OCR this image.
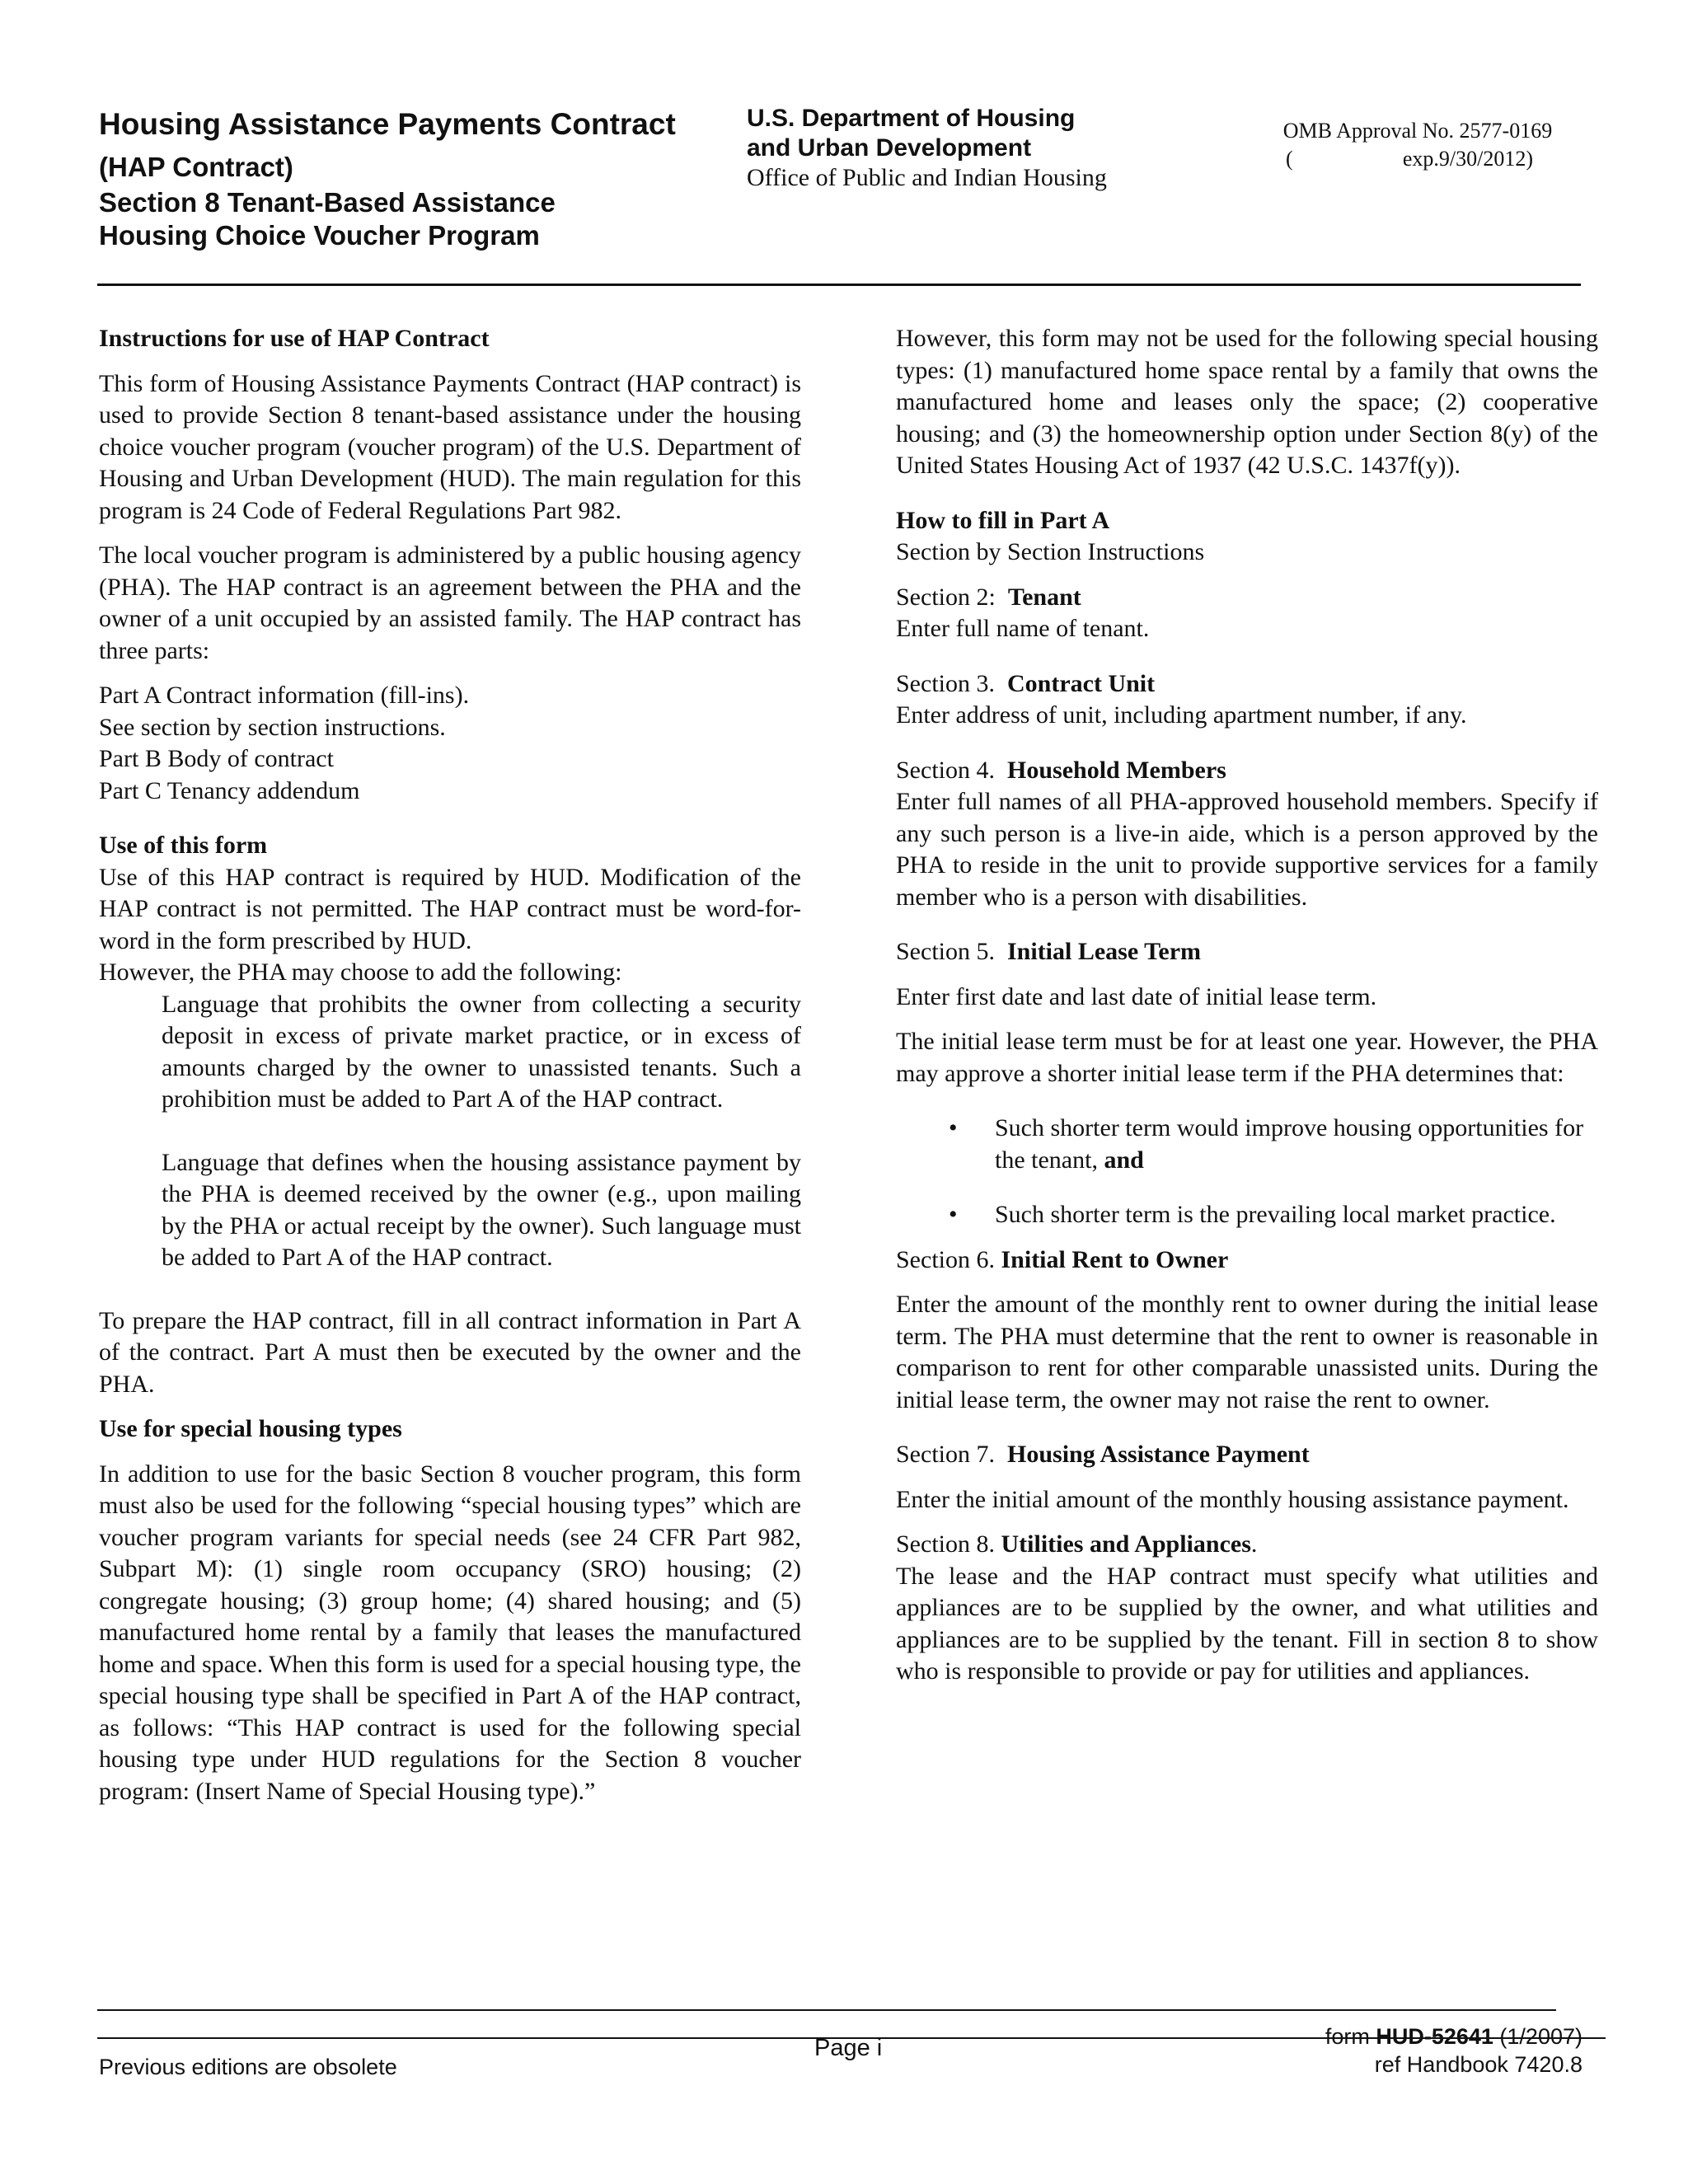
Housing Assistance Payments Contract
(HAP Contract)
Section 8 Tenant-Based Assistance
Housing Choice Voucher Program
U.S. Department of Housing
and Urban Development
Office of Public and Indian Housing
OMB Approval No. 2577-0169
(	exp.9/30/2012)

Instructions for use of HAP Contract

This form of Housing Assistance Payments Contract (HAP contract) is used to provide Section 8 tenant-based assistance under the housing choice voucher program (voucher program) of the U.S. Department of Housing and Urban Development (HUD). The main regulation for this program is 24 Code of Federal Regulations Part 982.

The local voucher program is administered by a public housing agency (PHA). The HAP contract is an agreement between the PHA and the owner of a unit occupied by an assisted family. The HAP contract has three parts:

Part A Contract information (fill-ins).

See section by section instructions.

Part B Body of contract

Part C Tenancy addendum

Use of this form

Use of this HAP contract is required by HUD. Modification of the HAP contract is not permitted. The HAP contract must be word-for-word in the form prescribed by HUD.

However, the PHA may choose to add the following:

Language that prohibits the owner from collecting a security deposit in excess of private market practice, or in excess of amounts charged by the owner to unassisted tenants. Such a prohibition must be added to Part A of the HAP contract.

Language that defines when the housing assistance payment by the PHA is deemed received by the owner (e.g., upon mailing by the PHA or actual receipt by the owner). Such language must be added to Part A of the HAP contract.

To prepare the HAP contract, fill in all contract information in Part A of the contract. Part A must then be executed by the owner and the PHA.

Use for special housing types

In addition to use for the basic Section 8 voucher program, this form must also be used for the following “special housing types” which are voucher program variants for special needs (see 24 CFR Part 982, Subpart M): (1) single room occupancy (SRO) housing; (2) congregate housing; (3) group home; (4) shared housing; and (5) manufactured home rental by a family that leases the manufactured home and space. When this form is used for a special housing type, the special housing type shall be specified in Part A of the HAP contract, as follows: “This HAP contract is used for the following special housing type under HUD regulations for the Section 8 voucher program: (Insert Name of Special Housing type).”

However, this form may not be used for the following special housing types: (1) manufactured home space rental by a family that owns the manufactured home and leases only the space; (2) cooperative housing; and (3) the homeownership option under Section 8(y) of the United States Housing Act of 1937 (42 U.S.C. 1437f(y)).

How to fill in Part A

Section by Section Instructions

Section 2: Tenant

Enter full name of tenant.

Section 3. Contract Unit

Enter address of unit, including apartment number, if any.

Section 4. Household Members

Enter full names of all PHA-approved household members. Specify if any such person is a live-in aide, which is a person approved by the PHA to reside in the unit to provide supportive services for a family member who is a person with disabilities.

Section 5. Initial Lease Term

Enter first date and last date of initial lease term.

The initial lease term must be for at least one year. However, the PHA may approve a shorter initial lease term if the PHA determines that:

• Such shorter term would improve housing opportunities for the tenant, and

• Such shorter term is the prevailing local market practice.

Section 6. Initial Rent to Owner

Enter the amount of the monthly rent to owner during the initial lease term. The PHA must determine that the rent to owner is reasonable in comparison to rent for other comparable unassisted units. During the initial lease term, the owner may not raise the rent to owner.

Section 7. Housing Assistance Payment

Enter the initial amount of the monthly housing assistance payment.

Section 8. Utilities and Appliances.

The lease and the HAP contract must specify what utilities and appliances are to be supplied by the owner, and what utilities and appliances are to be supplied by the tenant. Fill in section 8 to show who is responsible to provide or pay for utilities and appliances.

Previous editions are obsolete
Page i	form HUD-52641 (1/2007)
ref Handbook 7420.8
